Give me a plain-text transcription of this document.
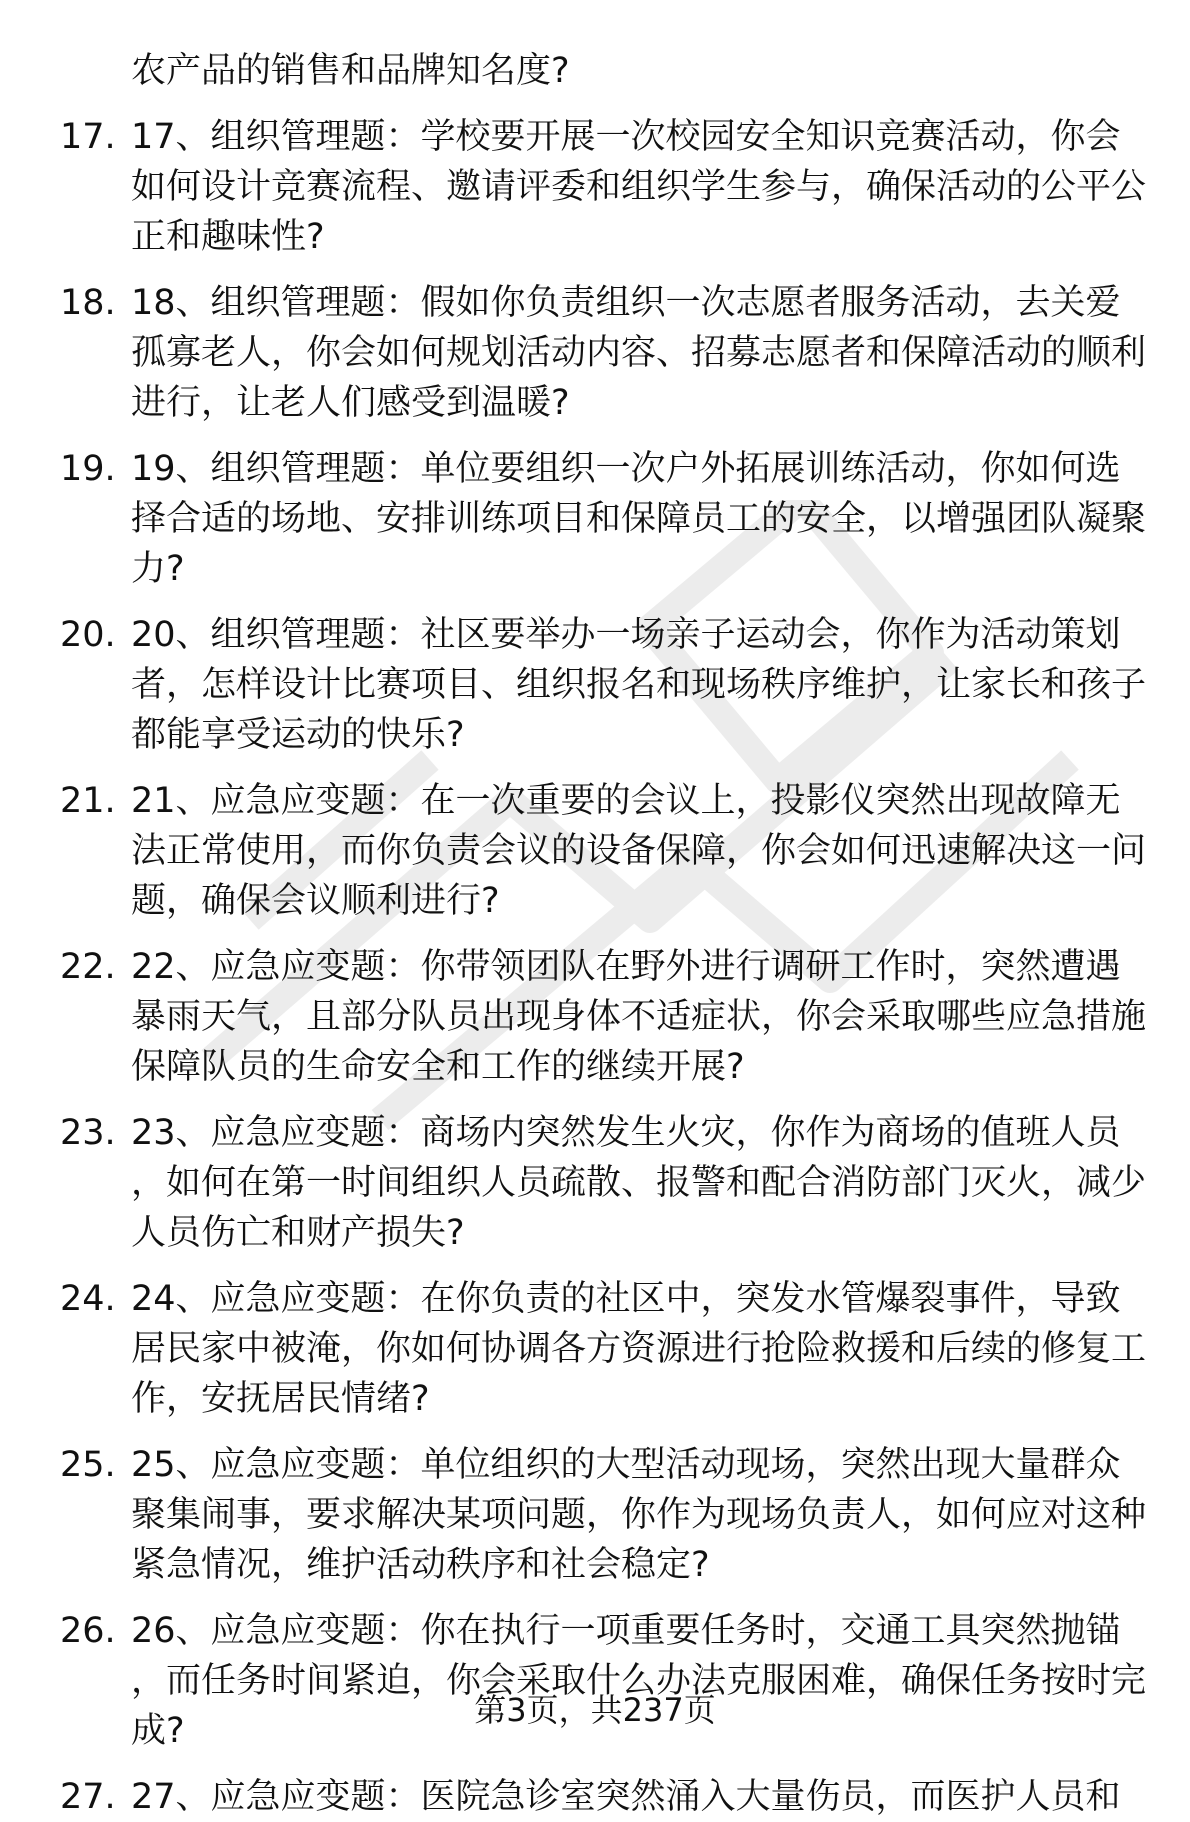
农产品的销售和品牌知名度?
17. 17、组织管理题：学校要开展一次校园安全知识竞赛活动，你会如何设计竞赛流程、邀请评委和组织学生参与，确保活动的公平公正和趣味性?
18. 18、组织管理题：假如你负责组织一次志愿者服务活动，去关爱孤寡老人，你会如何规划活动内容、招募志愿者和保障活动的顺利进行，让老人们感受到温暖?
19. 19、组织管理题：单位要组织一次户外拓展训练活动，你如何选择合适的场地、安排训练项目和保障员工的安全，以增强团队凝聚力?
20. 20、组织管理题：社区要举办一场亲子运动会，你作为活动策划者，怎样设计比赛项目、组织报名和现场秩序维护，让家长和孩子都能享受运动的快乐?
21. 21、应急应变题：在一次重要的会议上，投影仪突然出现故障无法正常使用，而你负责会议的设备保障，你会如何迅速解决这一问题，确保会议顺利进行?
22. 22、应急应变题：你带领团队在野外进行调研工作时，突然遭遇暴雨天气，且部分队员出现身体不适症状，你会采取哪些应急措施保障队员的生命安全和工作的继续开展?
23. 23、应急应变题：商场内突然发生火灾，你作为商场的值班人员，如何在第一时间组织人员疏散、报警和配合消防部门灭火，减少人员伤亡和财产损失?
24. 24、应急应变题：在你负责的社区中，突发水管爆裂事件，导致居民家中被淹，你如何协调各方资源进行抢险救援和后续的修复工作，安抚居民情绪?
25. 25、应急应变题：单位组织的大型活动现场，突然出现大量群众聚集闹事，要求解决某项问题，你作为现场负责人，如何应对这种紧急情况，维护活动秩序和社会稳定?
26. 26、应急应变题：你在执行一项重要任务时，交通工具突然抛锚，而任务时间紧迫，你会采取什么办法克服困难，确保任务按时完成?
27. 27、应急应变题：医院急诊室突然涌入大量伤员，而医护人员和
第3页，共237页
